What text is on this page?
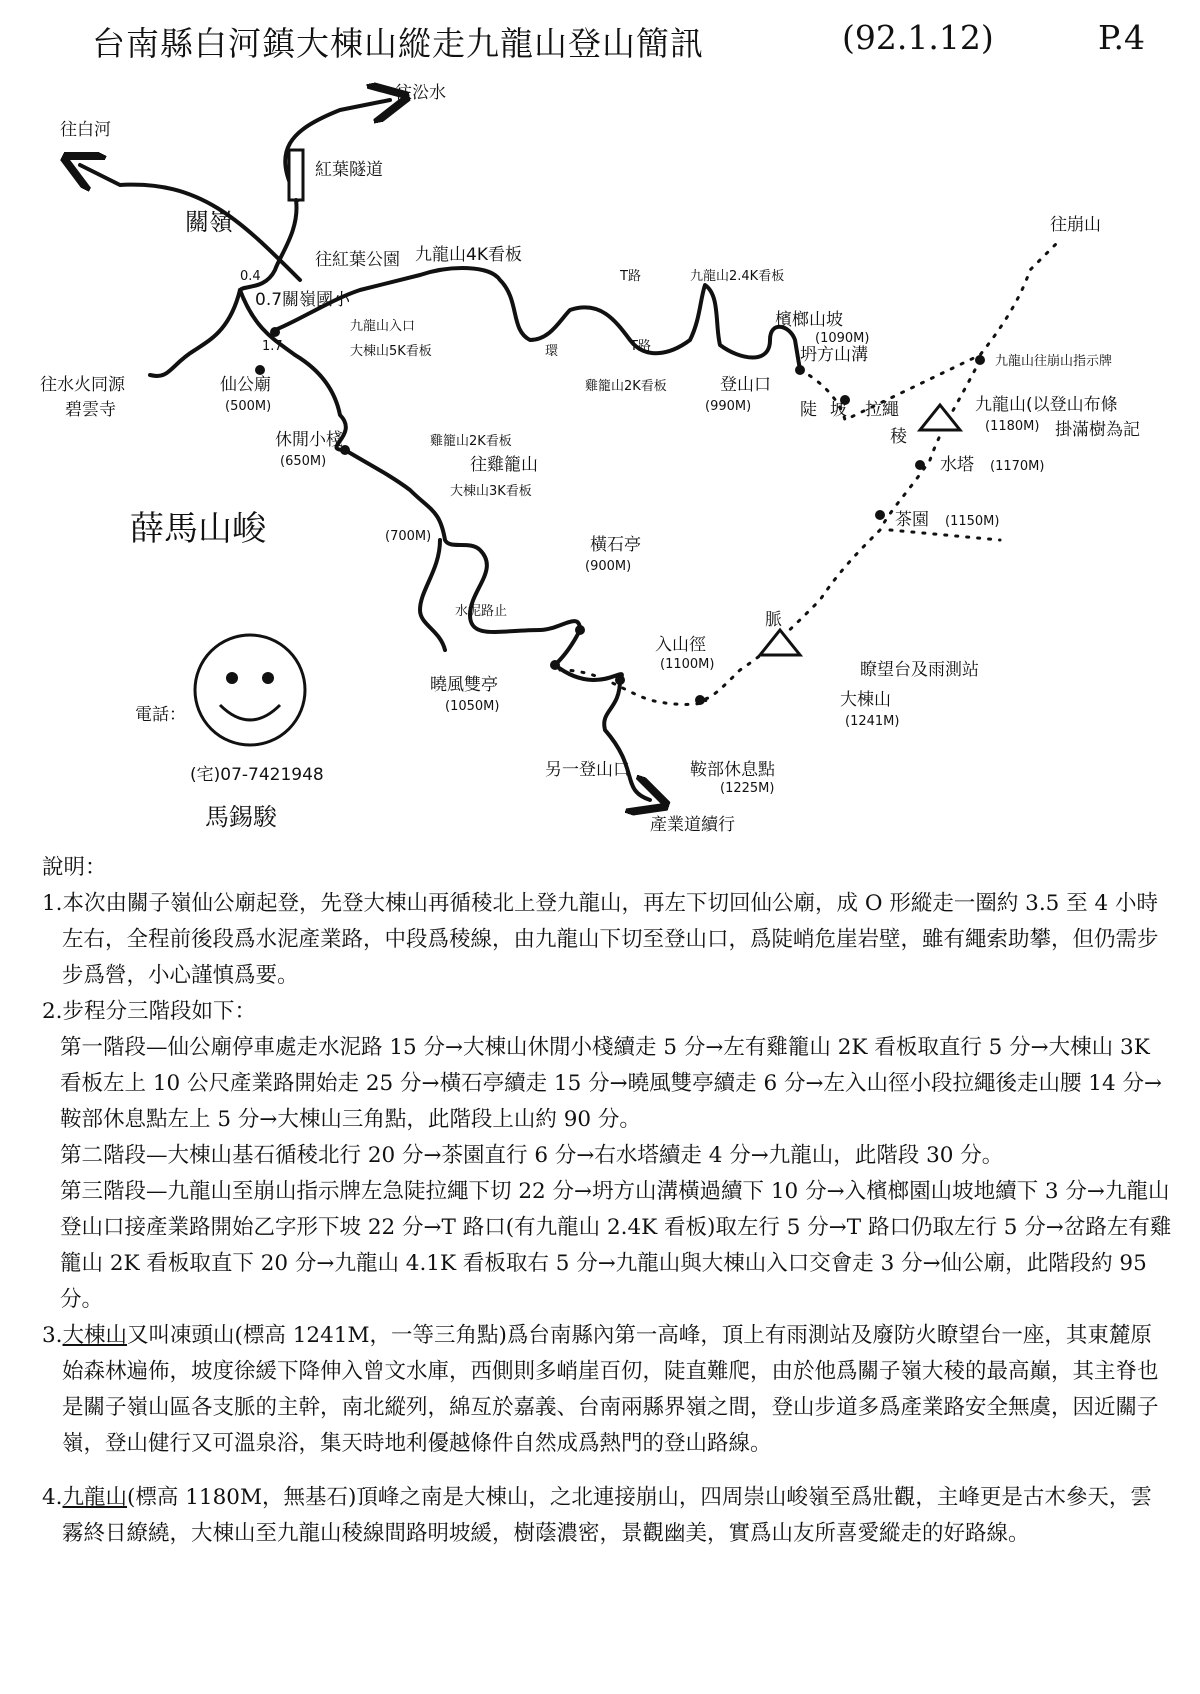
台南縣白河鎮大棟山縱走九龍山登山簡訊	(92.1.12)	P.4
往白河
往㳂水
紅葉隧道
關嶺
往紅葉公園
0.4
0.7關嶺國小
1.7
仙公廟
(500M)
往水火同源
碧雲寺
九龍山4K看板
九龍山入口
大棟山5K看板
休閒小棧
(650M)
T路	九龍山2.4K看板
環	T路
雞籠山2K看板	登山口
(990M)
檳榔山坡
(1090M)
坍方山溝
陡 坡 拉繩
往崩山
九龍山往崩山指示牌
九龍山(以登山布條
(1180M) 掛滿樹為記
稜
水塔 (1170M)
茶園 (1150M)
雞籠山2K看板
往雞籠山
大棟山3K看板
(700M)
水泥路止
橫石亭
(900M)
入山徑
(1100M)
脈
瞭望台及雨測站
大棟山
(1241M)
曉風雙亭
(1050M)
另一登山口	鞍部休息點
(1225M)
產業道續行
薛馬山峻
電話：
(宅)07-7421948
馬錫駿

說明：

1.本次由關子嶺仙公廟起登，先登大棟山再循稜北上登九龍山，再左下切回仙公廟，成 O 形縱走一圈約 3.5 至 4 小時左右，全程前後段爲水泥產業路，中段爲稜線，由九龍山下切至登山口，爲陡峭危崖岩壁，雖有繩索助攀，但仍需步步爲營，小心謹慎爲要。

2.步程分三階段如下：

第一階段—仙公廟停車處走水泥路 15 分→大棟山休閒小棧續走 5 分→左有雞籠山 2K 看板取直行 5 分→大棟山 3K 看板左上 10 公尺產業路開始走 25 分→橫石亭續走 15 分→曉風雙亭續走 6 分→左入山徑小段拉繩後走山腰 14 分→鞍部休息點左上 5 分→大棟山三角點，此階段上山約 90 分。

第二階段—大棟山基石循稜北行 20 分→茶園直行 6 分→右水塔續走 4 分→九龍山，此階段 30 分。

第三階段—九龍山至崩山指示牌左急陡拉繩下切 22 分→坍方山溝橫過續下 10 分→入檳榔園山坡地續下 3 分→九龍山登山口接產業路開始乙字形下坡 22 分→T 路口(有九龍山 2.4K 看板)取左行 5 分→T 路口仍取左行 5 分→岔路左有雞籠山 2K 看板取直下 20 分→九龍山 4.1K 看板取右 5 分→九龍山與大棟山入口交會走 3 分→仙公廟，此階段約 95 分。

3.大棟山又叫凍頭山(標高 1241M，一等三角點)爲台南縣內第一高峰，頂上有雨測站及廢防火瞭望台一座，其東麓原始森林遍佈，坡度徐緩下降伸入曾文水庫，西側則多峭崖百仞，陡直難爬，由於他爲關子嶺大稜的最高巔，其主脊也是關子嶺山區各支脈的主幹，南北縱列，綿亙於嘉義、台南兩縣界嶺之間，登山步道多爲產業路安全無虞，因近關子嶺，登山健行又可溫泉浴，集天時地利優越條件自然成爲熱門的登山路線。

4.九龍山(標高 1180M，無基石)頂峰之南是大棟山，之北連接崩山，四周崇山峻嶺至爲壯觀，主峰更是古木參天，雲霧終日繚繞，大棟山至九龍山稜線間路明坡緩，樹蔭濃密，景觀幽美，實爲山友所喜愛縱走的好路線。
